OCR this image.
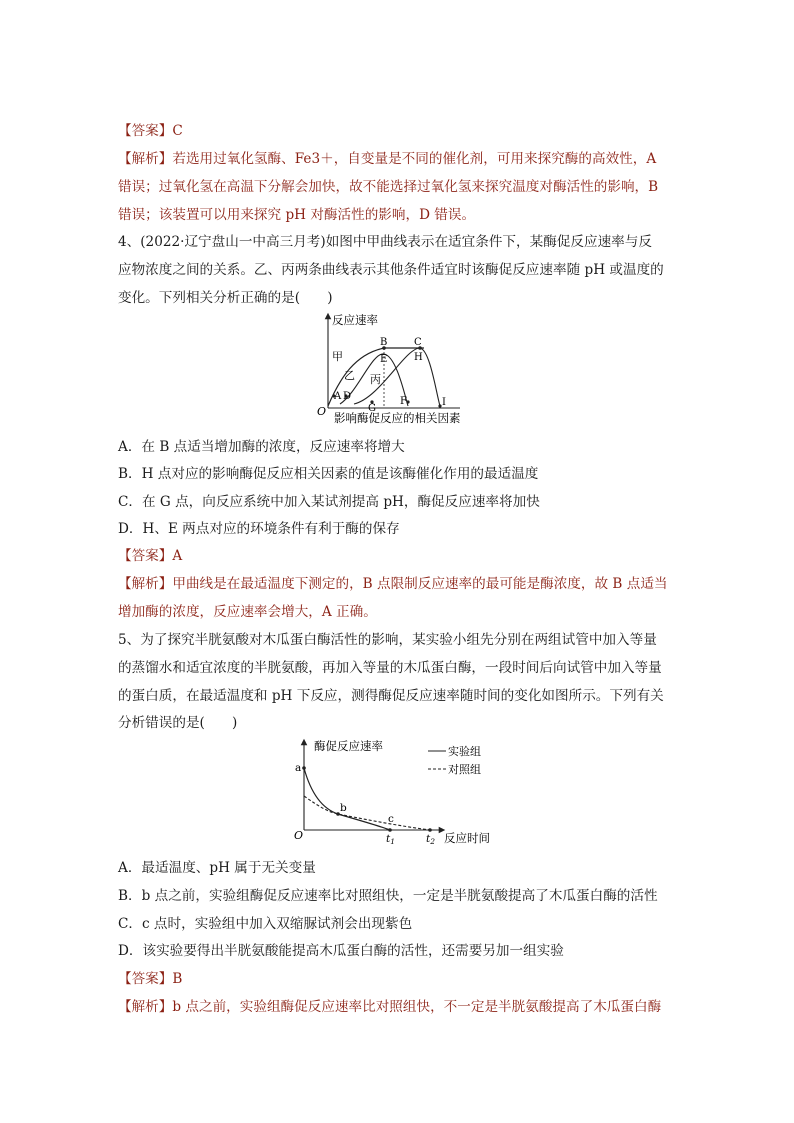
【答案】C
【解析】若选用过氧化氢酶、Fe3＋，自变量是不同的催化剂，可用来探究酶的高效性，A
错误；过氧化氢在高温下分解会加快，故不能选择过氧化氢来探究温度对酶活性的影响，B
错误；该装置可以用来探究 pH 对酶活性的影响，D 错误。
4、(2022·辽宁盘山一中高三月考)如图中甲曲线表示在适宜条件下，某酶促反应速率与反
应物浓度之间的关系。乙、丙两条曲线表示其他条件适宜时该酶促反应速率随 pH 或温度的
变化。下列相关分析正确的是(　　)
反应速率
影响酶促反应的相关因素
O
甲
乙 丙
A
B	C
D
E
F
G
H
I
A．在 B 点适当增加酶的浓度，反应速率将增大
B．H 点对应的影响酶促反应相关因素的值是该酶催化作用的最适温度
C．在 G 点，向反应系统中加入某试剂提高 pH，酶促反应速率将加快
D．H、E 两点对应的环境条件有利于酶的保存
【答案】A
【解析】甲曲线是在最适温度下测定的，B 点限制反应速率的最可能是酶浓度，故 B 点适当
增加酶的浓度，反应速率会增大，A 正确。
5、为了探究半胱氨酸对木瓜蛋白酶活性的影响，某实验小组先分别在两组试管中加入等量
的蒸馏水和适宜浓度的半胱氨酸，再加入等量的木瓜蛋白酶，一段时间后向试管中加入等量
的蛋白质，在最适温度和 pH 下反应，测得酶促反应速率随时间的变化如图所示。下列有关
分析错误的是(　　)
酶促反应速率
反应时间
O
实验组
对照组
a
b
c
t1	t2
A．最适温度、pH 属于无关变量
B．b 点之前，实验组酶促反应速率比对照组快，一定是半胱氨酸提高了木瓜蛋白酶的活性
C．c 点时，实验组中加入双缩脲试剂会出现紫色
D．该实验要得出半胱氨酸能提高木瓜蛋白酶的活性，还需要另加一组实验
【答案】B
【解析】b 点之前，实验组酶促反应速率比对照组快，不一定是半胱氨酸提高了木瓜蛋白酶
